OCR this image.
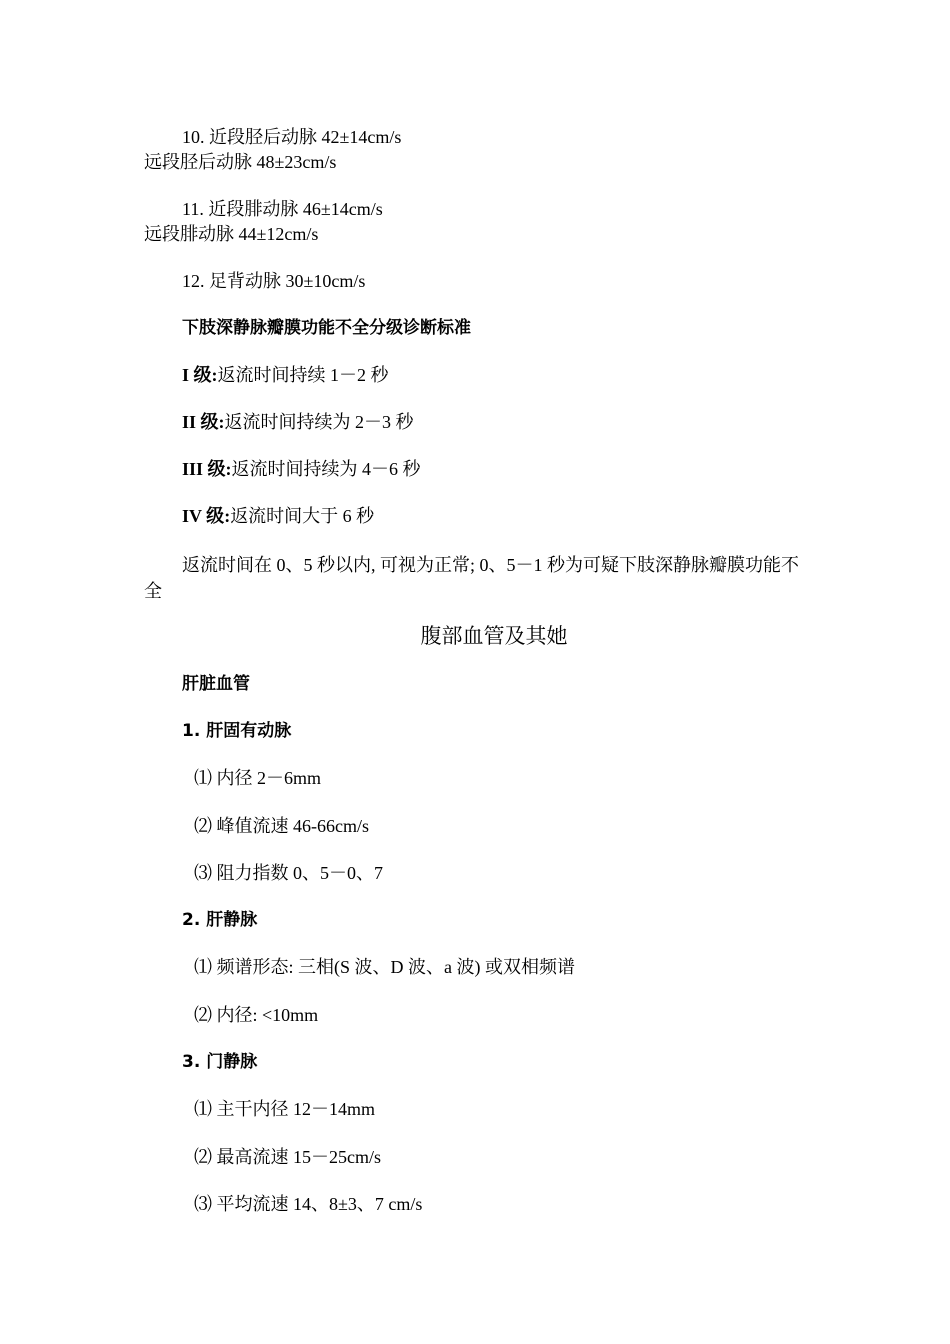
10. 近段胫后动脉 42±14cm/s
远段胫后动脉 48±23cm/s
11. 近段腓动脉 46±14cm/s
远段腓动脉 44±12cm/s
12. 足背动脉 30±10cm/s
下肢深静脉瓣膜功能不全分级诊断标准
I 级:返流时间持续 1－2 秒
II 级:返流时间持续为 2－3 秒
III 级:返流时间持续为 4－6 秒
IV 级:返流时间大于 6 秒
返流时间在 0、5 秒以内, 可视为正常; 0、5－1 秒为可疑下肢深静脉瓣膜功能不全
腹部血管及其她
肝脏血管
1. 肝固有动脉
⑴ 内径 2－6mm
⑵ 峰值流速 46-66cm/s
⑶ 阻力指数 0、5－0、7
2. 肝静脉
⑴ 频谱形态: 三相(S 波、D 波、a 波) 或双相频谱
⑵ 内径: <10mm
3. 门静脉
⑴ 主干内径 12－14mm
⑵ 最高流速 15－25cm/s
⑶ 平均流速 14、8±3、7 cm/s
